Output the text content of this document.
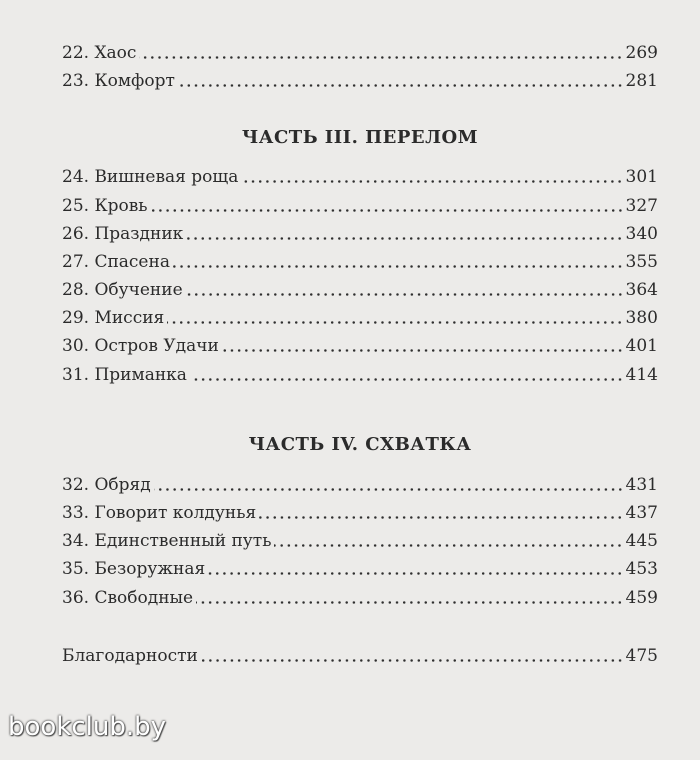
22. Хаос	269
23. Комфорт	281
ЧАСТЬ III. ПЕРЕЛОМ
24. Вишневая роща	301
25. Кровь	327
26. Праздник	340
27. Спасена	355
28. Обучение	364
29. Миссия	380
30. Остров Удачи	401
31. Приманка	414
ЧАСТЬ IV. СХВАТКА
32. Обряд	431
33. Говорит колдунья	437
34. Единственный путь	445
35. Безоружная	453
36. Свободные	459
Благодарности	475
bookclub.by
